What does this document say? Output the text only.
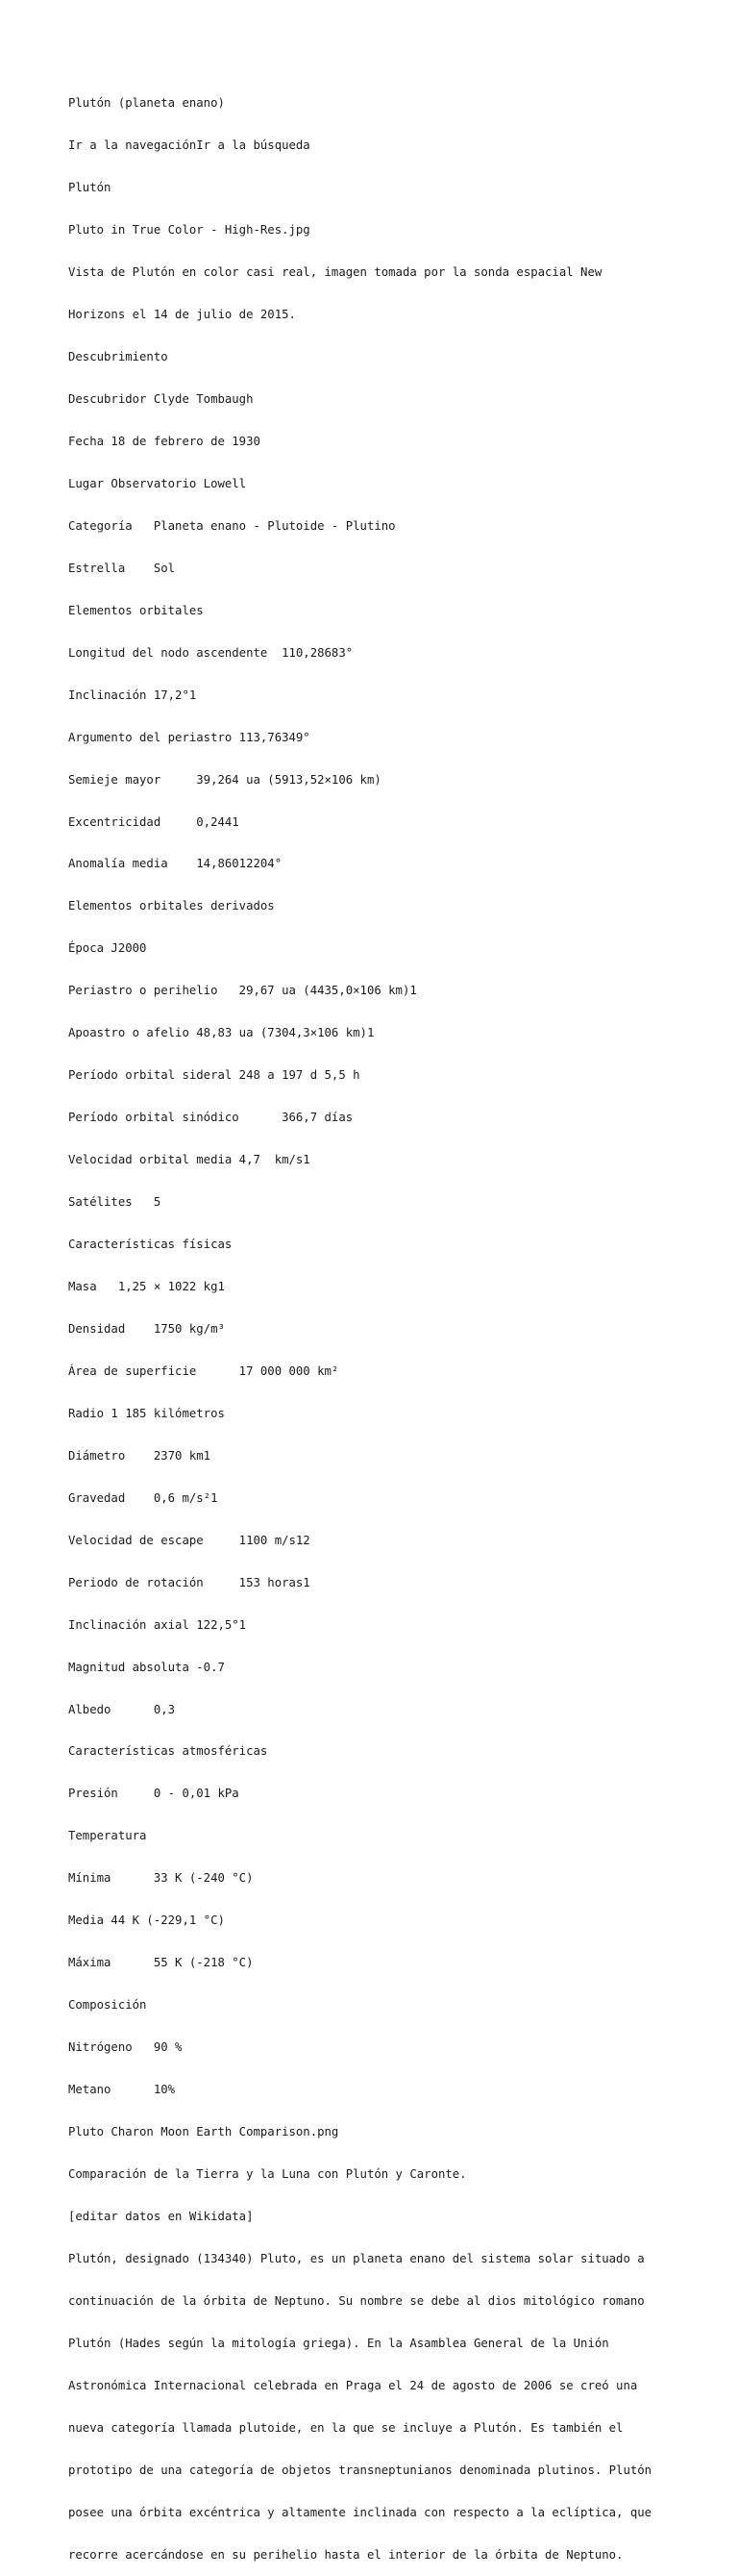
Plutón (planeta enano)

Ir a la navegaciónIr a la búsqueda

Plutón

Pluto in True Color - High-Res.jpg

Vista de Plutón en color casi real, imagen tomada por la sonda espacial New

Horizons el 14 de julio de 2015.

Descubrimiento

Descubridor Clyde Tombaugh

Fecha 18 de febrero de 1930

Lugar Observatorio Lowell

Categoría   Planeta enano - Plutoide - Plutino

Estrella    Sol

Elementos orbitales

Longitud del nodo ascendente  110,28683°

Inclinación 17,2°1

Argumento del periastro 113,76349°

Semieje mayor     39,264 ua (5913,52×106 km)

Excentricidad     0,2441

Anomalía media    14,86012204°

Elementos orbitales derivados

Época J2000

Periastro o perihelio   29,67 ua (4435,0×106 km)1

Apoastro o afelio 48,83 ua (7304,3×106 km)1

Período orbital sideral 248 a 197 d 5,5 h

Período orbital sinódico      366,7 días

Velocidad orbital media 4,7  km/s1

Satélites   5

Características físicas

Masa   1,25 × 1022 kg1

Densidad    1750 kg/m³

Área de superficie      17 000 000 km²

Radio 1 185 kilómetros

Diámetro    2370 km1

Gravedad    0,6 m/s²1

Velocidad de escape     1100 m/s12

Periodo de rotación     153 horas1

Inclinación axial 122,5°1

Magnitud absoluta -0.7

Albedo      0,3

Características atmosféricas

Presión     0 - 0,01 kPa

Temperatura

Mínima      33 K (-240 °C)

Media 44 K (-229,1 °C)

Máxima      55 K (-218 °C)

Composición

Nitrógeno   90 %

Metano      10%

Pluto Charon Moon Earth Comparison.png

Comparación de la Tierra y la Luna con Plutón y Caronte.

[editar datos en Wikidata]

Plutón, designado (134340) Pluto, es un planeta enano del sistema solar situado a

continuación de la órbita de Neptuno. Su nombre se debe al dios mitológico romano

Plutón (Hades según la mitología griega). En la Asamblea General de la Unión

Astronómica Internacional celebrada en Praga el 24 de agosto de 2006 se creó una

nueva categoría llamada plutoide, en la que se incluye a Plutón. Es también el

prototipo de una categoría de objetos transneptunianos denominada plutinos. Plutón

posee una órbita excéntrica y altamente inclinada con respecto a la eclíptica, que

recorre acercándose en su perihelio hasta el interior de la órbita de Neptuno.
